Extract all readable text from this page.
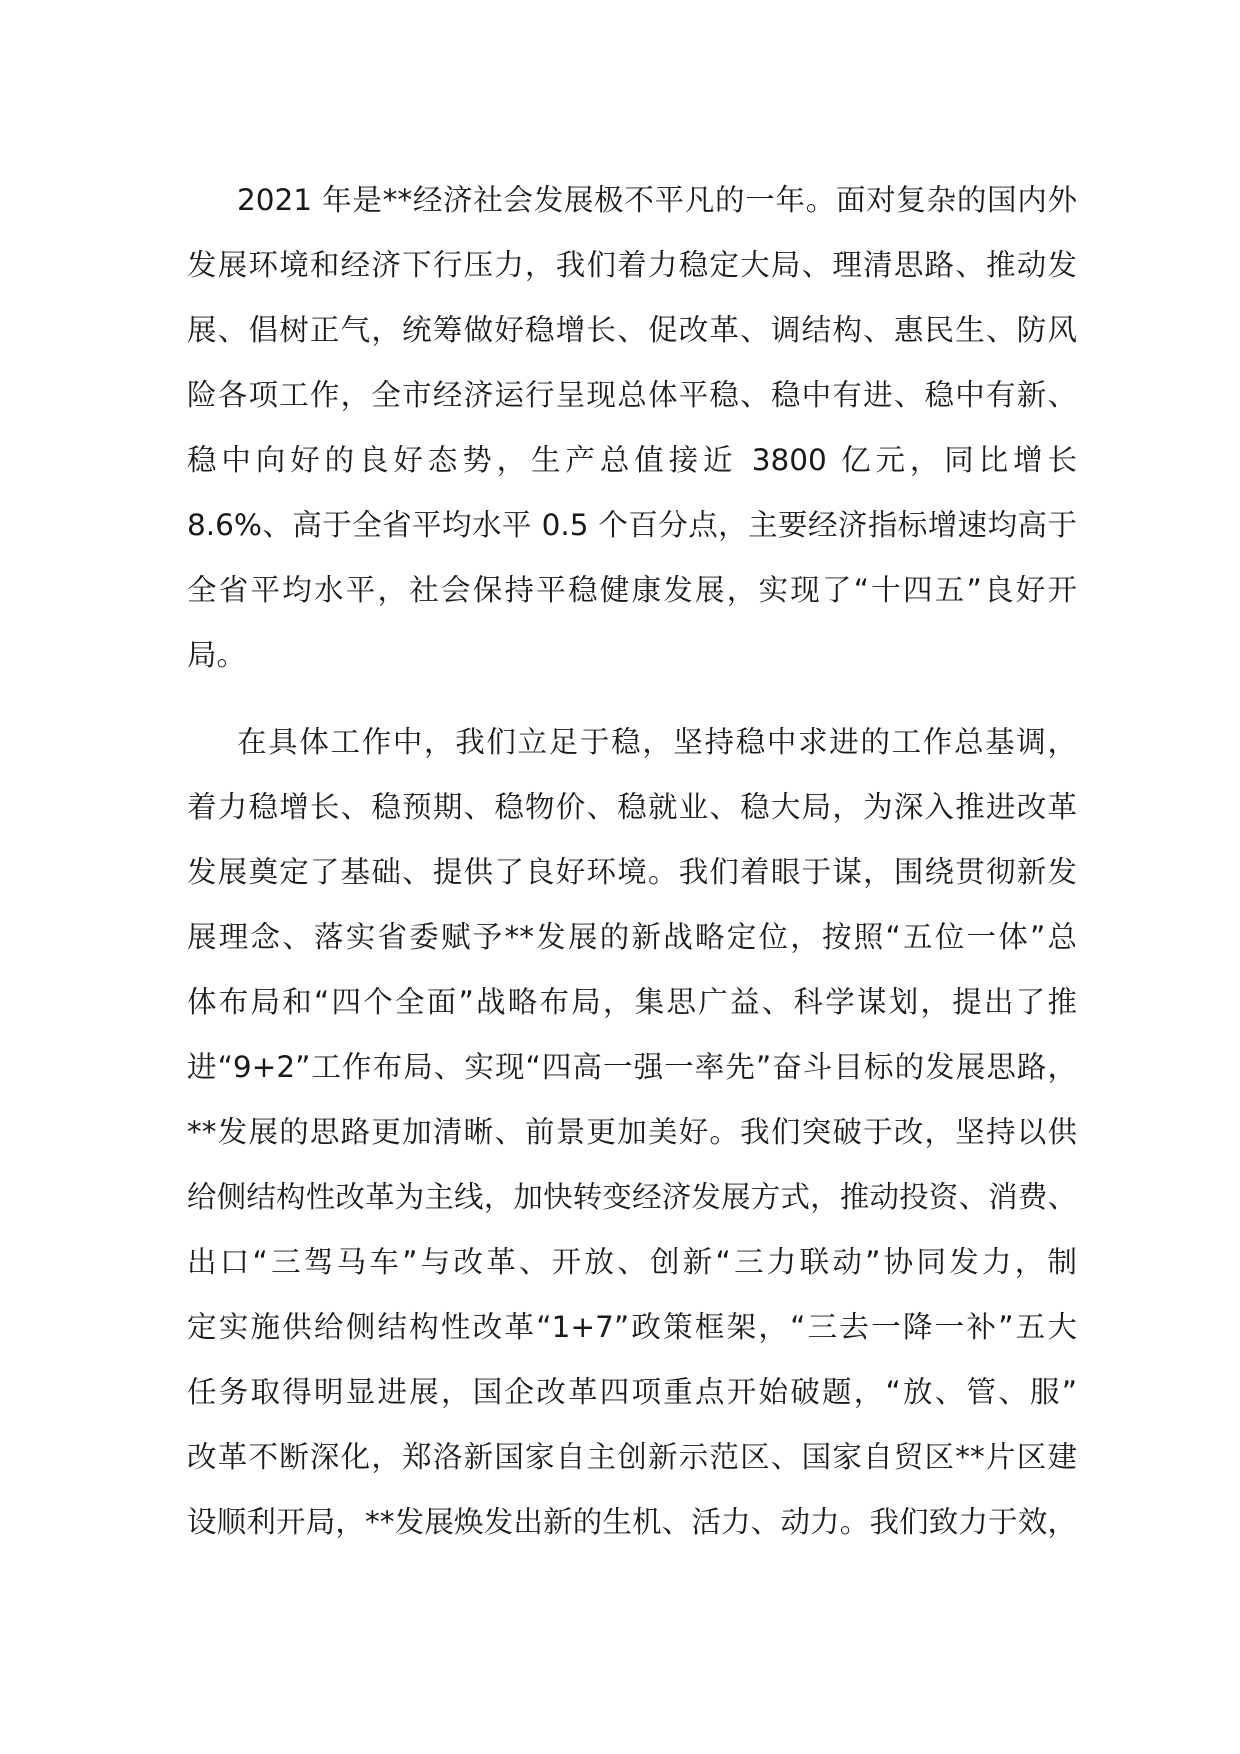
2021 年是**经济社会发展极不平凡的一年。面对复杂的国内外
发展环境和经济下行压力，我们着力稳定大局、理清思路、推动发
展、倡树正气，统筹做好稳增长、促改革、调结构、惠民生、防风
险各项工作，全市经济运行呈现总体平稳、稳中有进、稳中有新、
稳中向好的良好态势，生产总值接近 3800 亿元，同比增长
8.6%、高于全省平均水平 0.5 个百分点，主要经济指标增速均高于
全省平均水平，社会保持平稳健康发展，实现了“十四五”良好开
局。
在具体工作中，我们立足于稳，坚持稳中求进的工作总基调，
着力稳增长、稳预期、稳物价、稳就业、稳大局，为深入推进改革
发展奠定了基础、提供了良好环境。我们着眼于谋，围绕贯彻新发
展理念、落实省委赋予**发展的新战略定位，按照“五位一体”总
体布局和“四个全面”战略布局，集思广益、科学谋划，提出了推
进“9+2”工作布局、实现“四高一强一率先”奋斗目标的发展思路，
**发展的思路更加清晰、前景更加美好。我们突破于改，坚持以供
给侧结构性改革为主线，加快转变经济发展方式，推动投资、消费、
出口“三驾马车”与改革、开放、创新“三力联动”协同发力，制
定实施供给侧结构性改革“1+7”政策框架，“三去一降一补”五大
任务取得明显进展，国企改革四项重点开始破题，“放、管、服”
改革不断深化，郑洛新国家自主创新示范区、国家自贸区**片区建
设顺利开局，**发展焕发出新的生机、活力、动力。我们致力于效，
